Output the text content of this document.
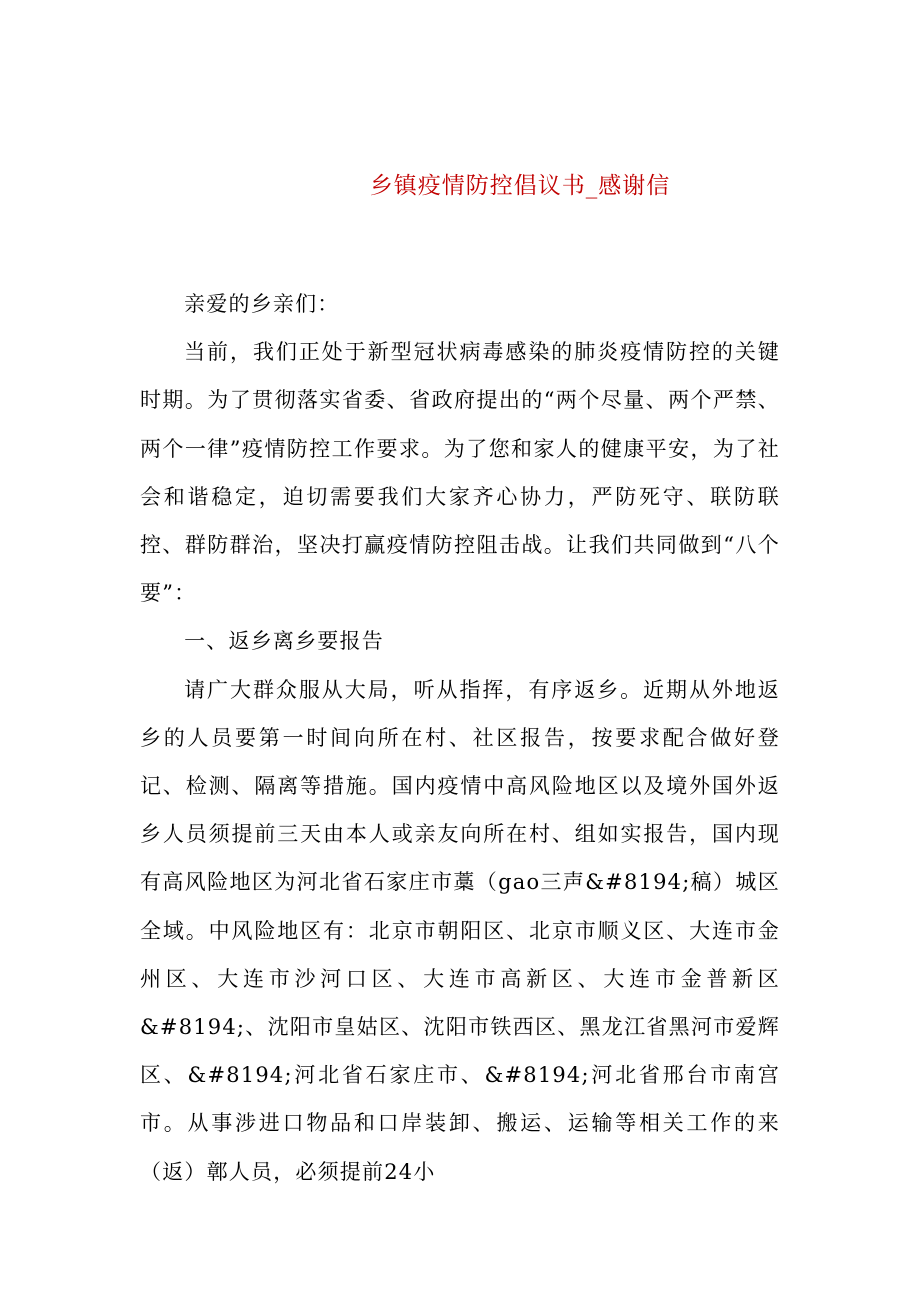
乡镇疫情防控倡议书_感谢信

亲爱的乡亲们：

当前，我们正处于新型冠状病毒感染的肺炎疫情防控的关键时期。为了贯彻落实省委、省政府提出的“两个尽量、两个严禁、两个一律”疫情防控工作要求。为了您和家人的健康平安，为了社会和谐稳定，迫切需要我们大家齐心协力，严防死守、联防联控、群防群治，坚决打赢疫情防控阻击战。让我们共同做到“八个要”：

一、返乡离乡要报告

请广大群众服从大局，听从指挥，有序返乡。近期从外地返乡的人员要第一时间向所在村、社区报告，按要求配合做好登记、检测、隔离等措施。国内疫情中高风险地区以及境外国外返乡人员须提前三天由本人或亲友向所在村、组如实报告，国内现有高风险地区为河北省石家庄市藁（gao三声&#8194;稿）城区全域。中风险地区有：北京市朝阳区、北京市顺义区、大连市金州区、大连市沙河口区、大连市高新区、大连市金普新区&#8194;、沈阳市皇姑区、沈阳市铁西区、黑龙江省黑河市爱辉区、&#8194;河北省石家庄市、&#8194;河北省邢台市南宫市。从事涉进口物品和口岸装卸、搬运、运输等相关工作的来（返）鄣人员，必须提前24小
